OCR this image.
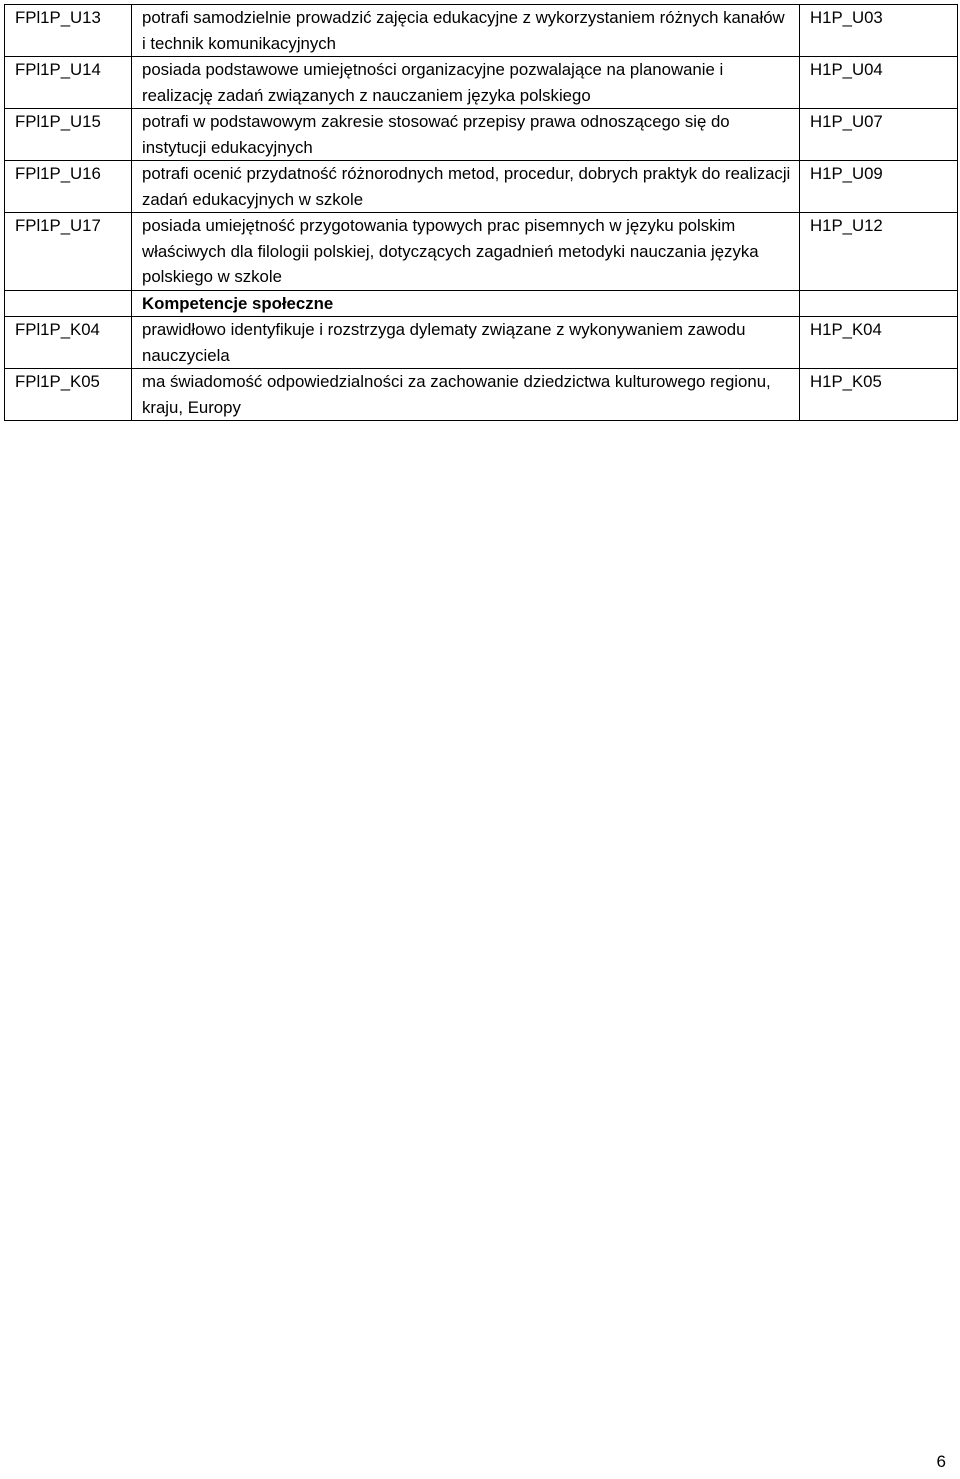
FPl1P_U13	potrafi samodzielnie prowadzić zajęcia edukacyjne z wykorzystaniem różnych kanałów i technik komunikacyjnych	H1P_U03
FPl1P_U14	posiada podstawowe umiejętności organizacyjne pozwalające na planowanie i realizację zadań związanych z nauczaniem języka polskiego	H1P_U04
FPl1P_U15	potrafi w podstawowym zakresie stosować przepisy prawa odnoszącego się do instytucji edukacyjnych	H1P_U07
FPl1P_U16	potrafi ocenić przydatność różnorodnych metod, procedur, dobrych praktyk do realizacji zadań edukacyjnych w szkole	H1P_U09
FPl1P_U17	posiada umiejętność przygotowania typowych prac pisemnych w języku polskim właściwych dla filologii polskiej, dotyczących zagadnień metodyki nauczania języka polskiego w szkole	H1P_U12
	Kompetencje społeczne	
FPl1P_K04	prawidłowo identyfikuje i rozstrzyga dylematy związane z wykonywaniem zawodu nauczyciela	H1P_K04
FPl1P_K05	ma świadomość odpowiedzialności za zachowanie dziedzictwa kulturowego regionu, kraju, Europy	H1P_K05
6
